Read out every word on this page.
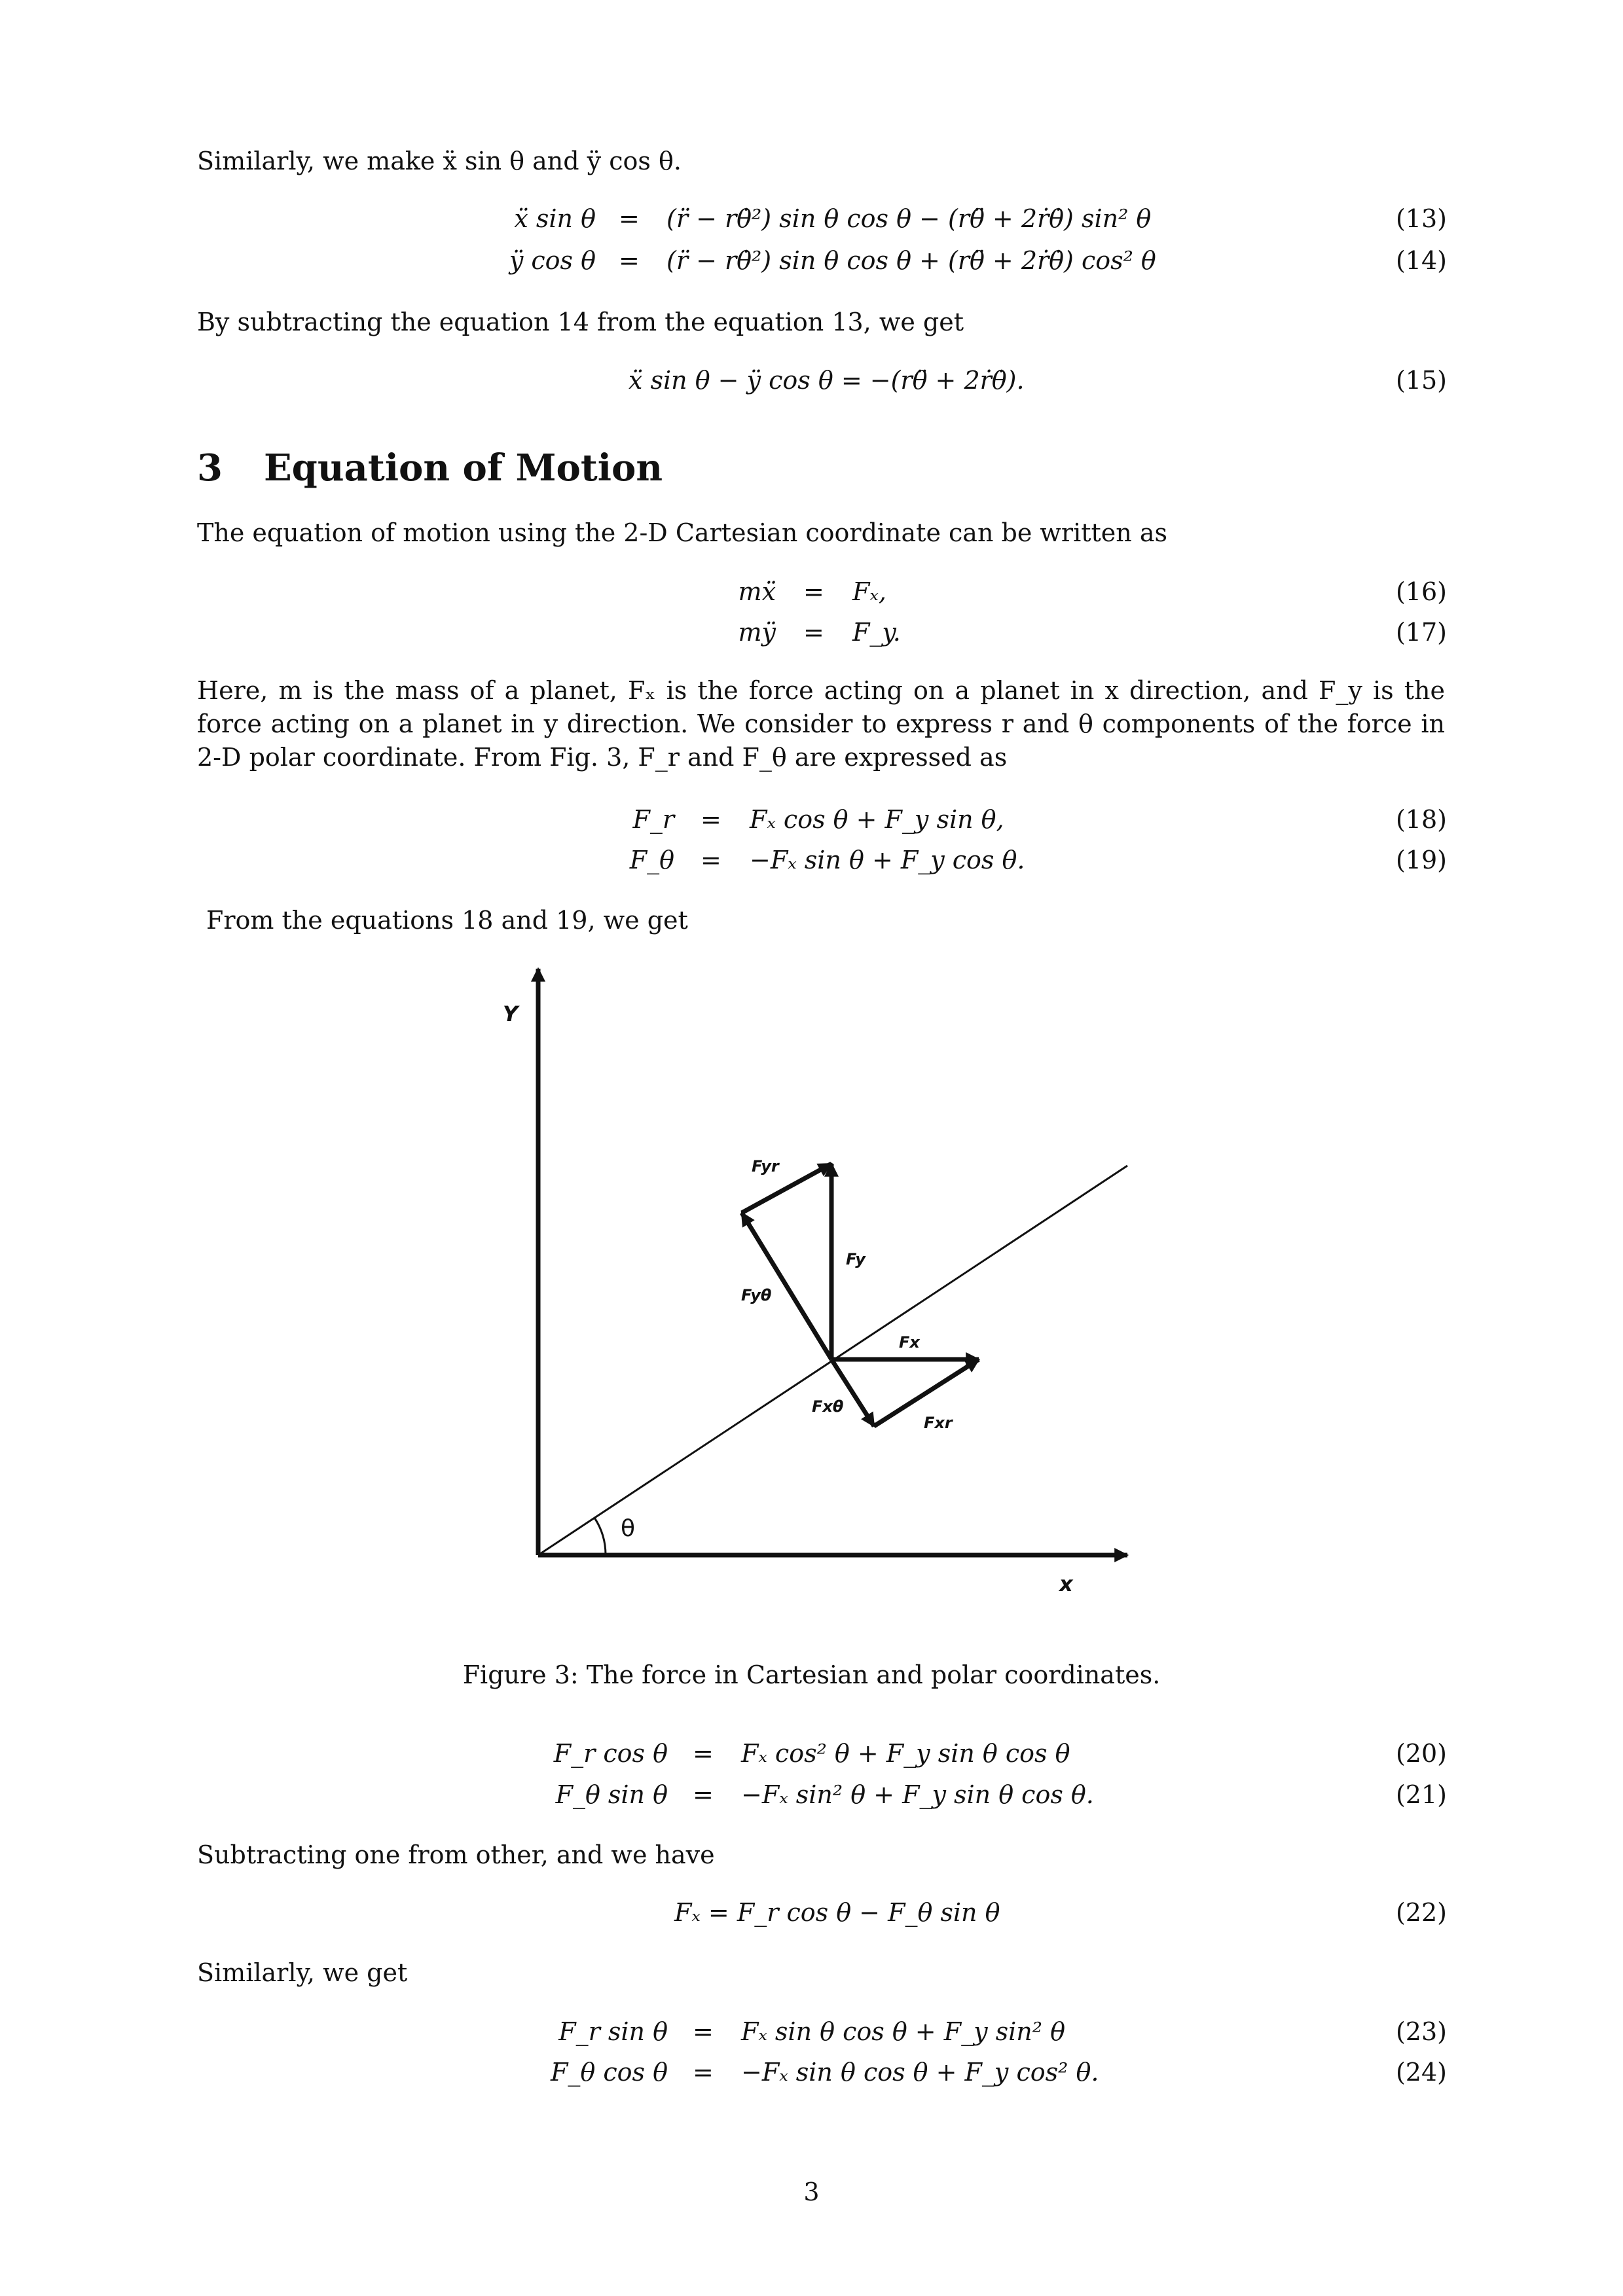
Similarly, we make ẍ sin θ and ÿ cos θ.
ẍ sin θ = (r̈ − rθ̇²) sin θ cos θ − (rθ̈ + 2ṙθ̇) sin² θ	(13)
ÿ cos θ = (r̈ − rθ̇²) sin θ cos θ + (rθ̈ + 2ṙθ̇) cos² θ	(14)
By subtracting the equation 14 from the equation 13, we get
ẍ sin θ − ÿ cos θ = −(rθ̈ + 2ṙθ̇).	(15)
3 Equation of Motion
The equation of motion using the 2-D Cartesian coordinate can be written as
mẍ = Fₓ,	(16)
mÿ = F_y.	(17)
Here, m is the mass of a planet, Fₓ is the force acting on a planet in x direction, and F_y is the force acting on a planet in y direction. We consider to express r and θ components of the force in 2-D polar coordinate. From Fig. 3, F_r and F_θ are expressed as
F_r = Fₓ cos θ + F_y sin θ,	(18)
F_θ = −Fₓ sin θ + F_y cos θ.	(19)
From the equations 18 and 19, we get
Y
x
θ
Fyr
Fy
Fyθ
Fx
Fxθ
Fxr
Figure 3: The force in Cartesian and polar coordinates.
F_r cos θ = Fₓ cos² θ + F_y sin θ cos θ	(20)
F_θ sin θ = −Fₓ sin² θ + F_y sin θ cos θ.	(21)
Subtracting one from other, and we have
Fₓ = F_r cos θ − F_θ sin θ	(22)
Similarly, we get
F_r sin θ = Fₓ sin θ cos θ + F_y sin² θ	(23)
F_θ cos θ = −Fₓ sin θ cos θ + F_y cos² θ.	(24)
3
